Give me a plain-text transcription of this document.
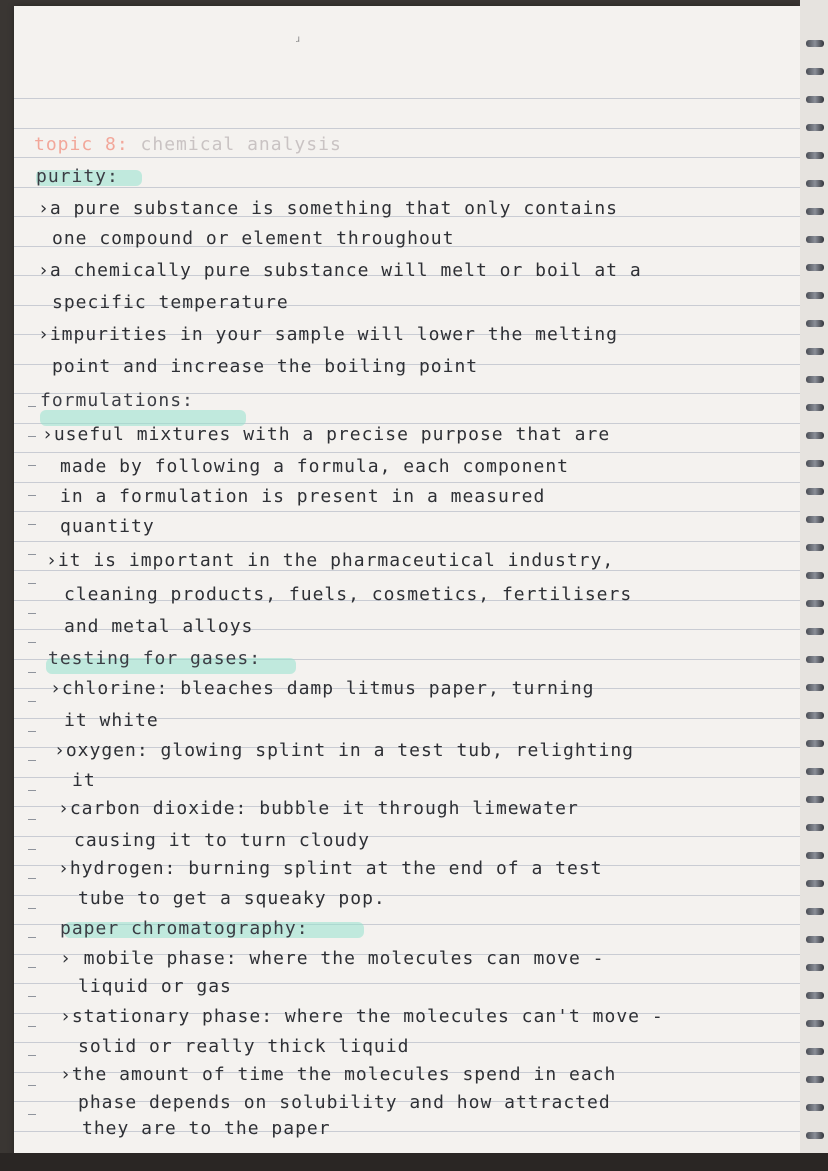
ɹ
topic 8: chemical analysis
purity:
›a pure substance is something that only contains
one compound or element throughout
›a chemically pure substance will melt or boil at a
specific temperature
›impurities in your sample will lower the melting
point and increase the boiling point
formulations:
›useful mixtures with a precise purpose that are
made by following a formula, each component
in a formulation is present in a measured
quantity
›it is important in the pharmaceutical industry,
cleaning products, fuels, cosmetics, fertilisers
and metal alloys
testing for gases:
›chlorine: bleaches damp litmus paper, turning
it white
›oxygen: glowing splint in a test tub, relighting
it
›carbon dioxide: bubble it through limewater
causing it to turn cloudy
›hydrogen: burning splint at the end of a test
tube to get a squeaky pop.
paper chromatography:
› mobile phase: where the molecules can move -
liquid or gas
›stationary phase: where the molecules can't move -
solid or really thick liquid
›the amount of time the molecules spend in each
phase depends on solubility and how attracted
they are to the paper
